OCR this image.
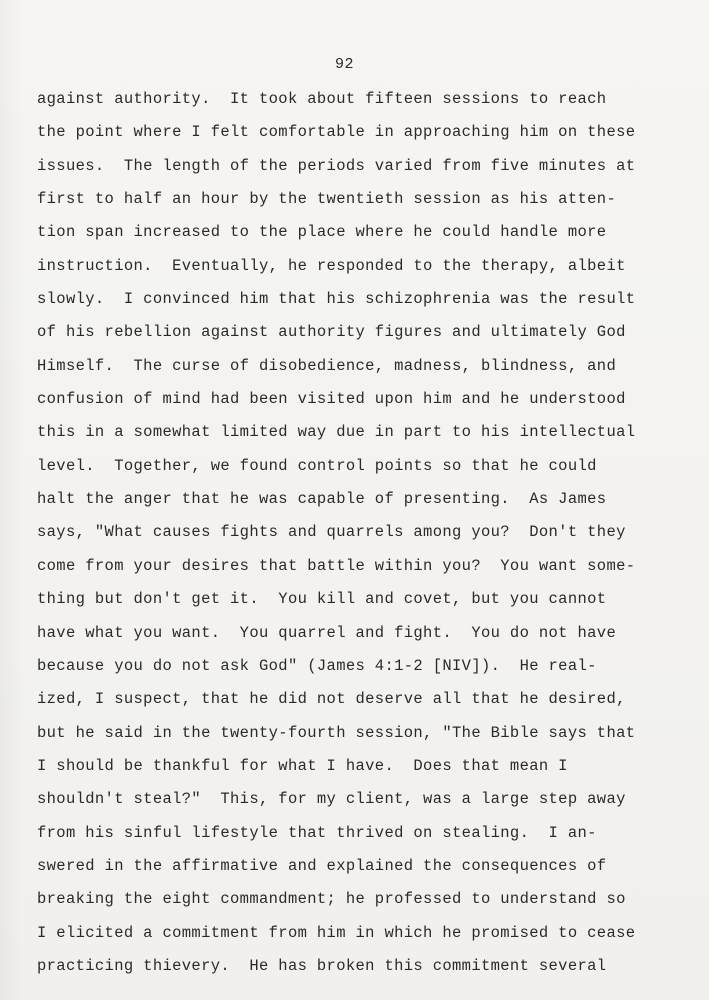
92
against authority.  It took about fifteen sessions to reach
the point where I felt comfortable in approaching him on these
issues.  The length of the periods varied from five minutes at
first to half an hour by the twentieth session as his atten-
tion span increased to the place where he could handle more
instruction.  Eventually, he responded to the therapy, albeit
slowly.  I convinced him that his schizophrenia was the result
of his rebellion against authority figures and ultimately God
Himself.  The curse of disobedience, madness, blindness, and
confusion of mind had been visited upon him and he understood
this in a somewhat limited way due in part to his intellectual
level.  Together, we found control points so that he could
halt the anger that he was capable of presenting.  As James
says, "What causes fights and quarrels among you?  Don't they
come from your desires that battle within you?  You want some-
thing but don't get it.  You kill and covet, but you cannot
have what you want.  You quarrel and fight.  You do not have
because you do not ask God" (James 4:1-2 [NIV]).  He real-
ized, I suspect, that he did not deserve all that he desired,
but he said in the twenty-fourth session, "The Bible says that
I should be thankful for what I have.  Does that mean I
shouldn't steal?"  This, for my client, was a large step away
from his sinful lifestyle that thrived on stealing.  I an-
swered in the affirmative and explained the consequences of
breaking the eight commandment; he professed to understand so
I elicited a commitment from him in which he promised to cease
practicing thievery.  He has broken this commitment several
